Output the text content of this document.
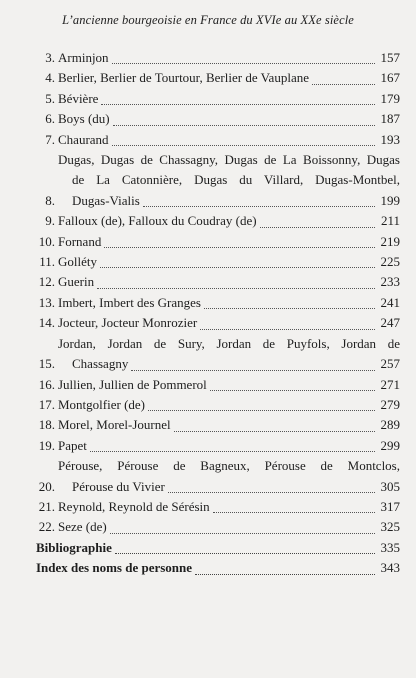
L’ancienne bourgeoisie en France du XVIe au XXe siècle
3. Arminjon	157
4. Berlier, Berlier de Tourtour, Berlier de Vauplane	167
5. Bévière	179
6. Boys (du)	187
7. Chaurand	193
8.
Dugas, Dugas de Chassagny, Dugas de La Boissonny, Dugas
de La Catonnière, Dugas du Villard, Dugas-Montbel,
Dugas-Vialis	199
9. Falloux (de), Falloux du Coudray (de)	211
10. Fornand	219
11. Golléty	225
12. Guerin	233
13. Imbert, Imbert des Granges	241
14. Jocteur, Jocteur Monrozier	247
15.
Jordan, Jordan de Sury, Jordan de Puyfols, Jordan de
Chassagny	257
16. Jullien, Jullien de Pommerol	271
17. Montgolfier (de)	279
18. Morel, Morel-Journel	289
19. Papet	299
20.
Pérouse, Pérouse de Bagneux, Pérouse de Montclos,
Pérouse du Vivier	305
21. Reynold, Reynold de Sérésin	317
22. Seze (de)	325
Bibliographie	335
Index des noms de personne	343
